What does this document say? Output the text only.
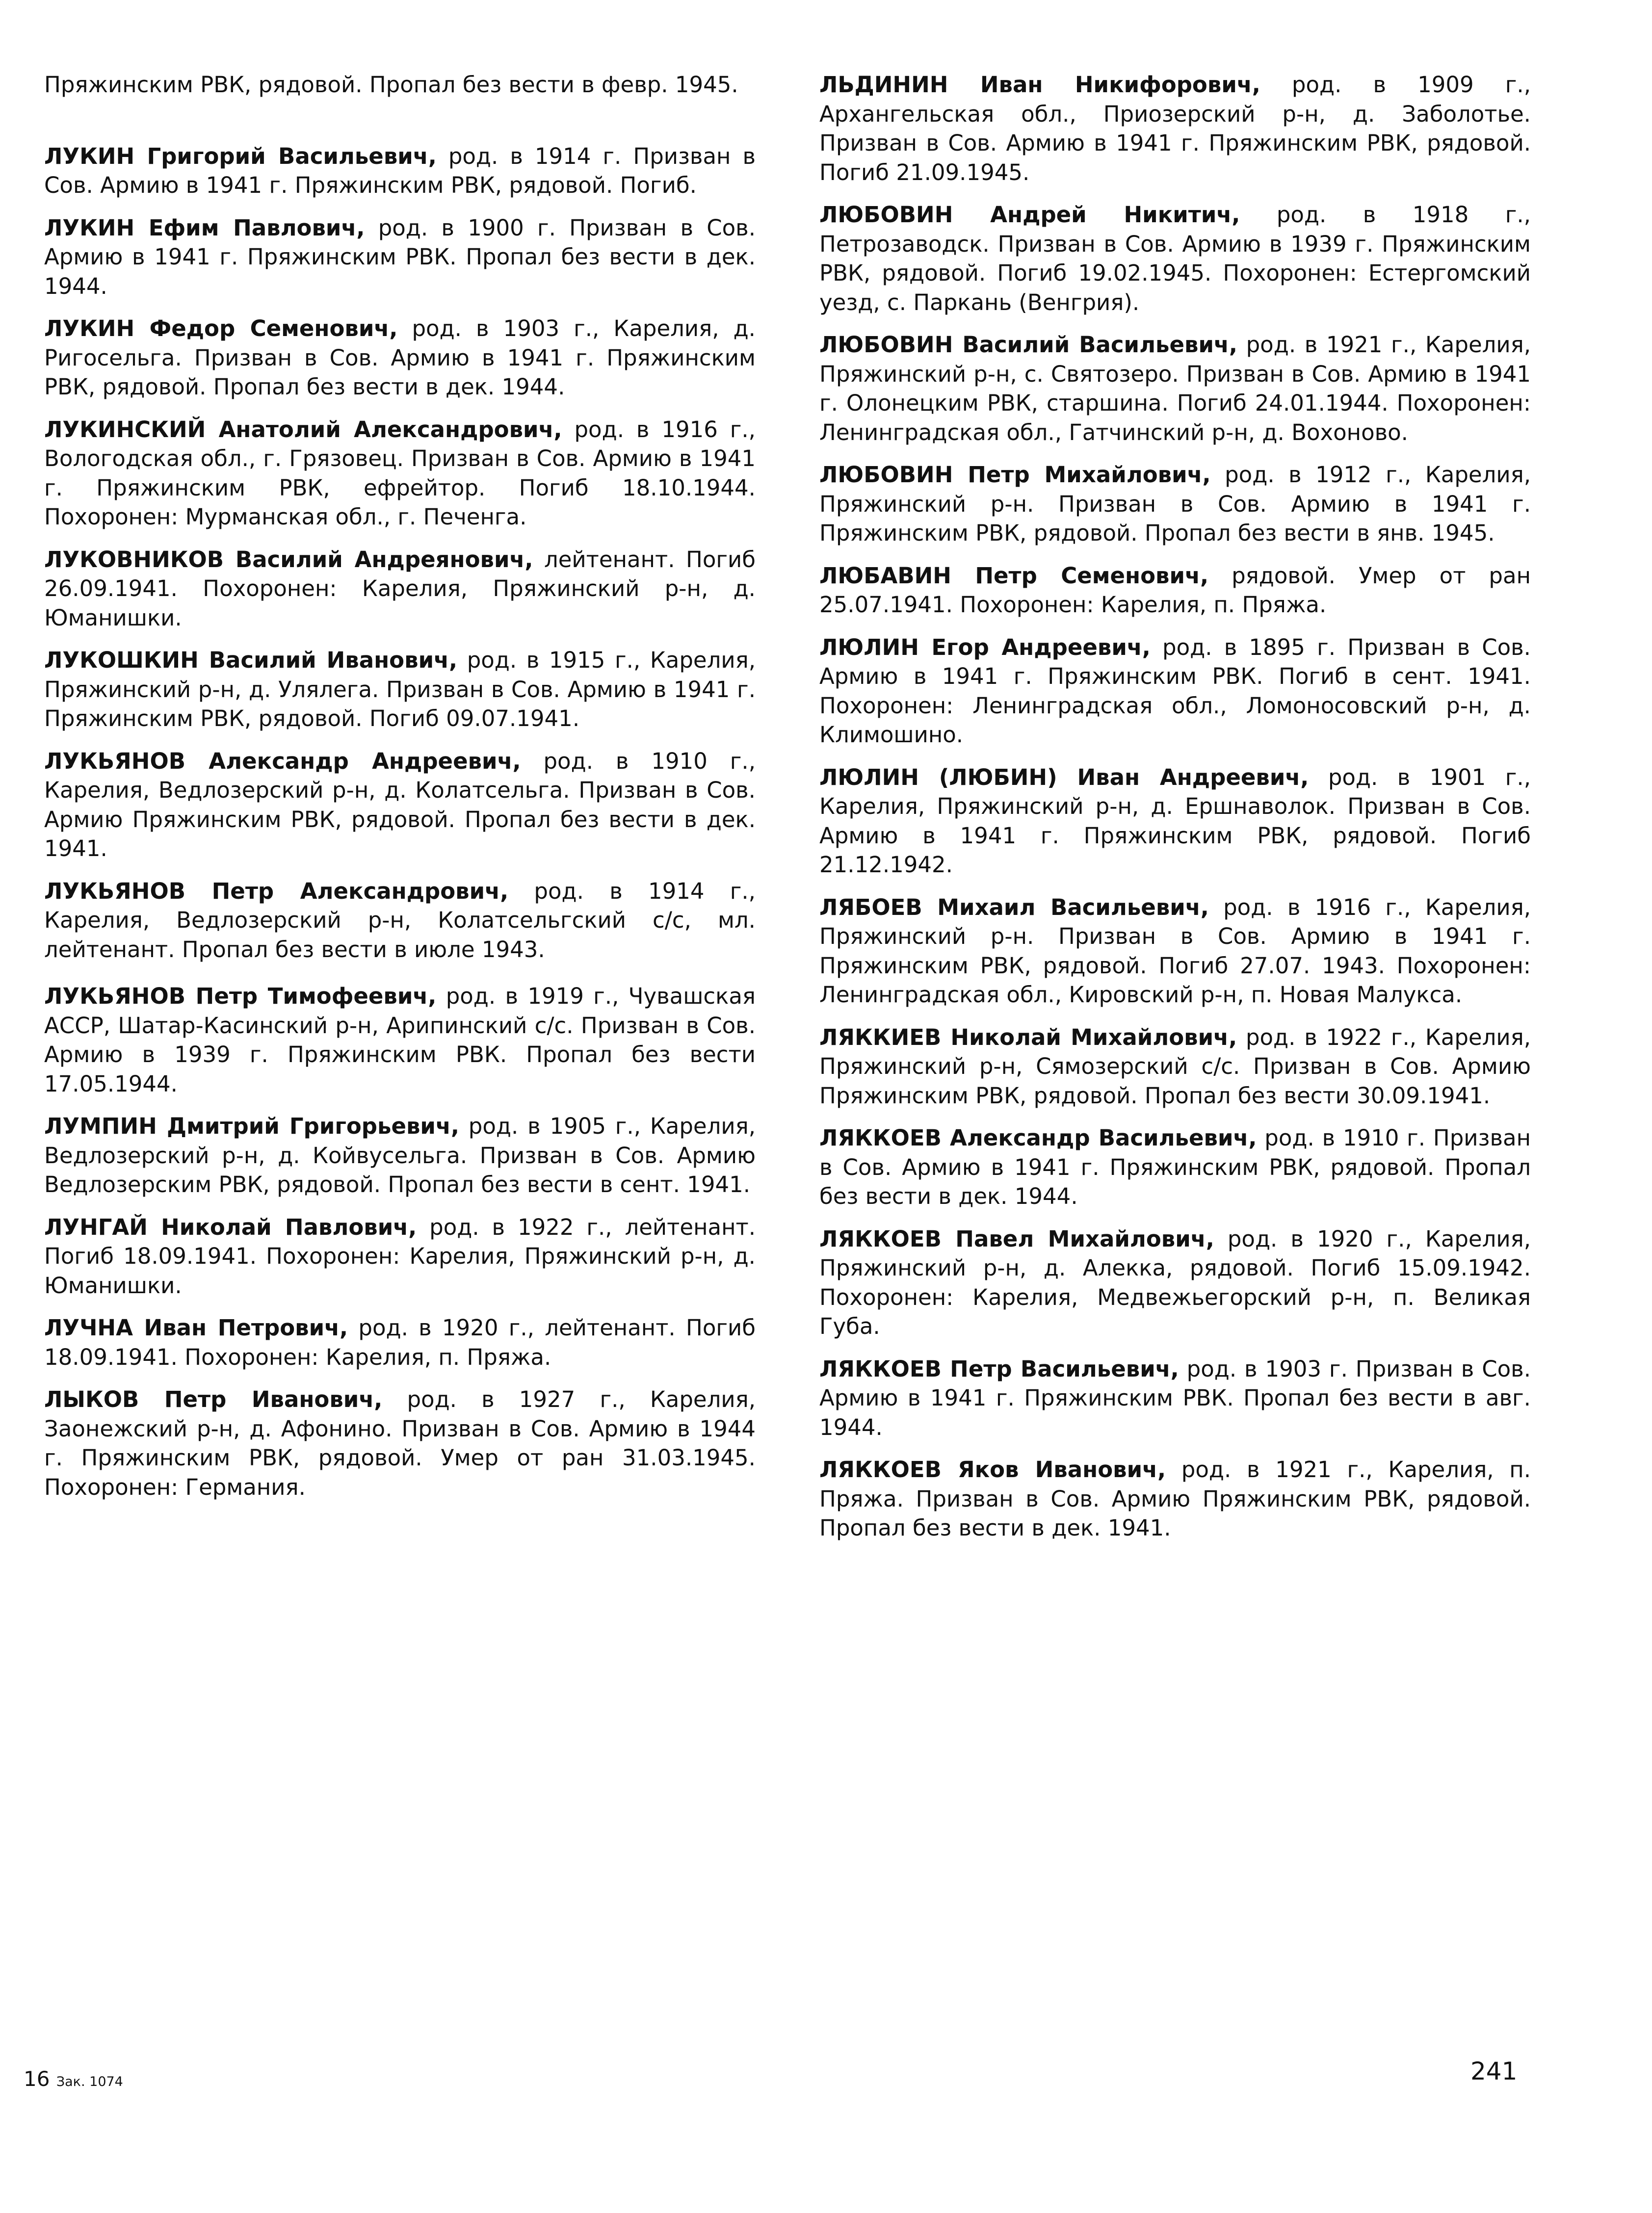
Пряжинским РВК, рядовой. Пропал без вести в февр. 1945.

ЛУКИН Григорий Васильевич, род. в 1914 г. Призван в Сов. Армию в 1941 г. Пряжинским РВК, рядовой. Погиб.

ЛУКИН Ефим Павлович, род. в 1900 г. Призван в Сов. Армию в 1941 г. Пряжинским РВК. Пропал без вести в дек. 1944.

ЛУКИН Федор Семенович, род. в 1903 г., Карелия, д. Ригосельга. Призван в Сов. Армию в 1941 г. Пряжинским РВК, рядовой. Пропал без вести в дек. 1944.

ЛУКИНСКИЙ Анатолий Александрович, род. в 1916 г., Вологодская обл., г. Грязовец. Призван в Сов. Армию в 1941 г. Пряжинским РВК, ефрейтор. Погиб 18.10.1944. Похоронен: Мурманская обл., г. Печенга.

ЛУКОВНИКОВ Василий Андреянович, лейтенант. Погиб 26.09.1941. Похоронен: Карелия, Пряжинский р-н, д. Юманишки.

ЛУКОШКИН Василий Иванович, род. в 1915 г., Карелия, Пряжинский р-н, д. Улялега. Призван в Сов. Армию в 1941 г. Пряжинским РВК, рядовой. Погиб 09.07.1941.

ЛУКЬЯНОВ Александр Андреевич, род. в 1910 г., Карелия, Ведлозерский р-н, д. Колатсельга. Призван в Сов. Армию Пряжинским РВК, рядовой. Пропал без вести в дек. 1941.

ЛУКЬЯНОВ Петр Александрович, род. в 1914 г., Карелия, Ведлозерский р-н, Колатсельгский с/с, мл. лейтенант. Пропал без вести в июле 1943.

ЛУКЬЯНОВ Петр Тимофеевич, род. в 1919 г., Чувашская АССР, Шатар-Касинский р-н, Арипинский с/с. Призван в Сов. Армию в 1939 г. Пряжинским РВК. Пропал без вести 17.05.1944.

ЛУМПИН Дмитрий Григорьевич, род. в 1905 г., Карелия, Ведлозерский р-н, д. Койвусельга. Призван в Сов. Армию Ведлозерским РВК, рядовой. Пропал без вести в сент. 1941.

ЛУНГАЙ Николай Павлович, род. в 1922 г., лейтенант. Погиб 18.09.1941. Похоронен: Карелия, Пряжинский р-н, д. Юманишки.

ЛУЧНА Иван Петрович, род. в 1920 г., лейтенант. Погиб 18.09.1941. Похоронен: Карелия, п. Пряжа.

ЛЫКОВ Петр Иванович, род. в 1927 г., Карелия, Заонежский р-н, д. Афонино. Призван в Сов. Армию в 1944 г. Пряжинским РВК, рядовой. Умер от ран 31.03.1945. Похоронен: Германия.

ЛЬДИНИН Иван Никифорович, род. в 1909 г., Архангельская обл., Приозерский р-н, д. Заболотье. Призван в Сов. Армию в 1941 г. Пряжинским РВК, рядовой. Погиб 21.09.1945.

ЛЮБОВИН Андрей Никитич, род. в 1918 г., Петрозаводск. Призван в Сов. Армию в 1939 г. Пряжинским РВК, рядовой. Погиб 19.02.1945. Похоронен: Естергомский уезд, с. Паркань (Венгрия).

ЛЮБОВИН Василий Васильевич, род. в 1921 г., Карелия, Пряжинский р-н, с. Святозеро. Призван в Сов. Армию в 1941 г. Олонецким РВК, старшина. Погиб 24.01.1944. Похоронен: Ленинградская обл., Гатчинский р-н, д. Вохоново.

ЛЮБОВИН Петр Михайлович, род. в 1912 г., Карелия, Пряжинский р-н. Призван в Сов. Армию в 1941 г. Пряжинским РВК, рядовой. Пропал без вести в янв. 1945.

ЛЮБАВИН Петр Семенович, рядовой. Умер от ран 25.07.1941. Похоронен: Карелия, п. Пряжа.

ЛЮЛИН Егор Андреевич, род. в 1895 г. Призван в Сов. Армию в 1941 г. Пряжинским РВК. Погиб в сент. 1941. Похоронен: Ленинградская обл., Ломоносовский р-н, д. Климошино.

ЛЮЛИН (ЛЮБИН) Иван Андреевич, род. в 1901 г., Карелия, Пряжинский р-н, д. Ершнаволок. Призван в Сов. Армию в 1941 г. Пряжинским РВК, рядовой. Погиб 21.12.1942.

ЛЯБОЕВ Михаил Васильевич, род. в 1916 г., Карелия, Пряжинский р-н. Призван в Сов. Армию в 1941 г. Пряжинским РВК, рядовой. Погиб 27.07. 1943. Похоронен: Ленинградская обл., Кировский р-н, п. Новая Малукса.

ЛЯККИЕВ Николай Михайлович, род. в 1922 г., Карелия, Пряжинский р-н, Сямозерский с/с. Призван в Сов. Армию Пряжинским РВК, рядовой. Пропал без вести 30.09.1941.

ЛЯККОЕВ Александр Васильевич, род. в 1910 г. Призван в Сов. Армию в 1941 г. Пряжинским РВК, рядовой. Пропал без вести в дек. 1944.

ЛЯККОЕВ Павел Михайлович, род. в 1920 г., Карелия, Пряжинский р-н, д. Алекка, рядовой. Погиб 15.09.1942. Похоронен: Карелия, Медвежьегорский р-н, п. Великая Губа.

ЛЯККОЕВ Петр Васильевич, род. в 1903 г. Призван в Сов. Армию в 1941 г. Пряжинским РВК. Пропал без вести в авг. 1944.

ЛЯККОЕВ Яков Иванович, род. в 1921 г., Карелия, п. Пряжа. Призван в Сов. Армию Пряжинским РВК, рядовой. Пропал без вести в дек. 1941.

16 Зак. 1074	241
